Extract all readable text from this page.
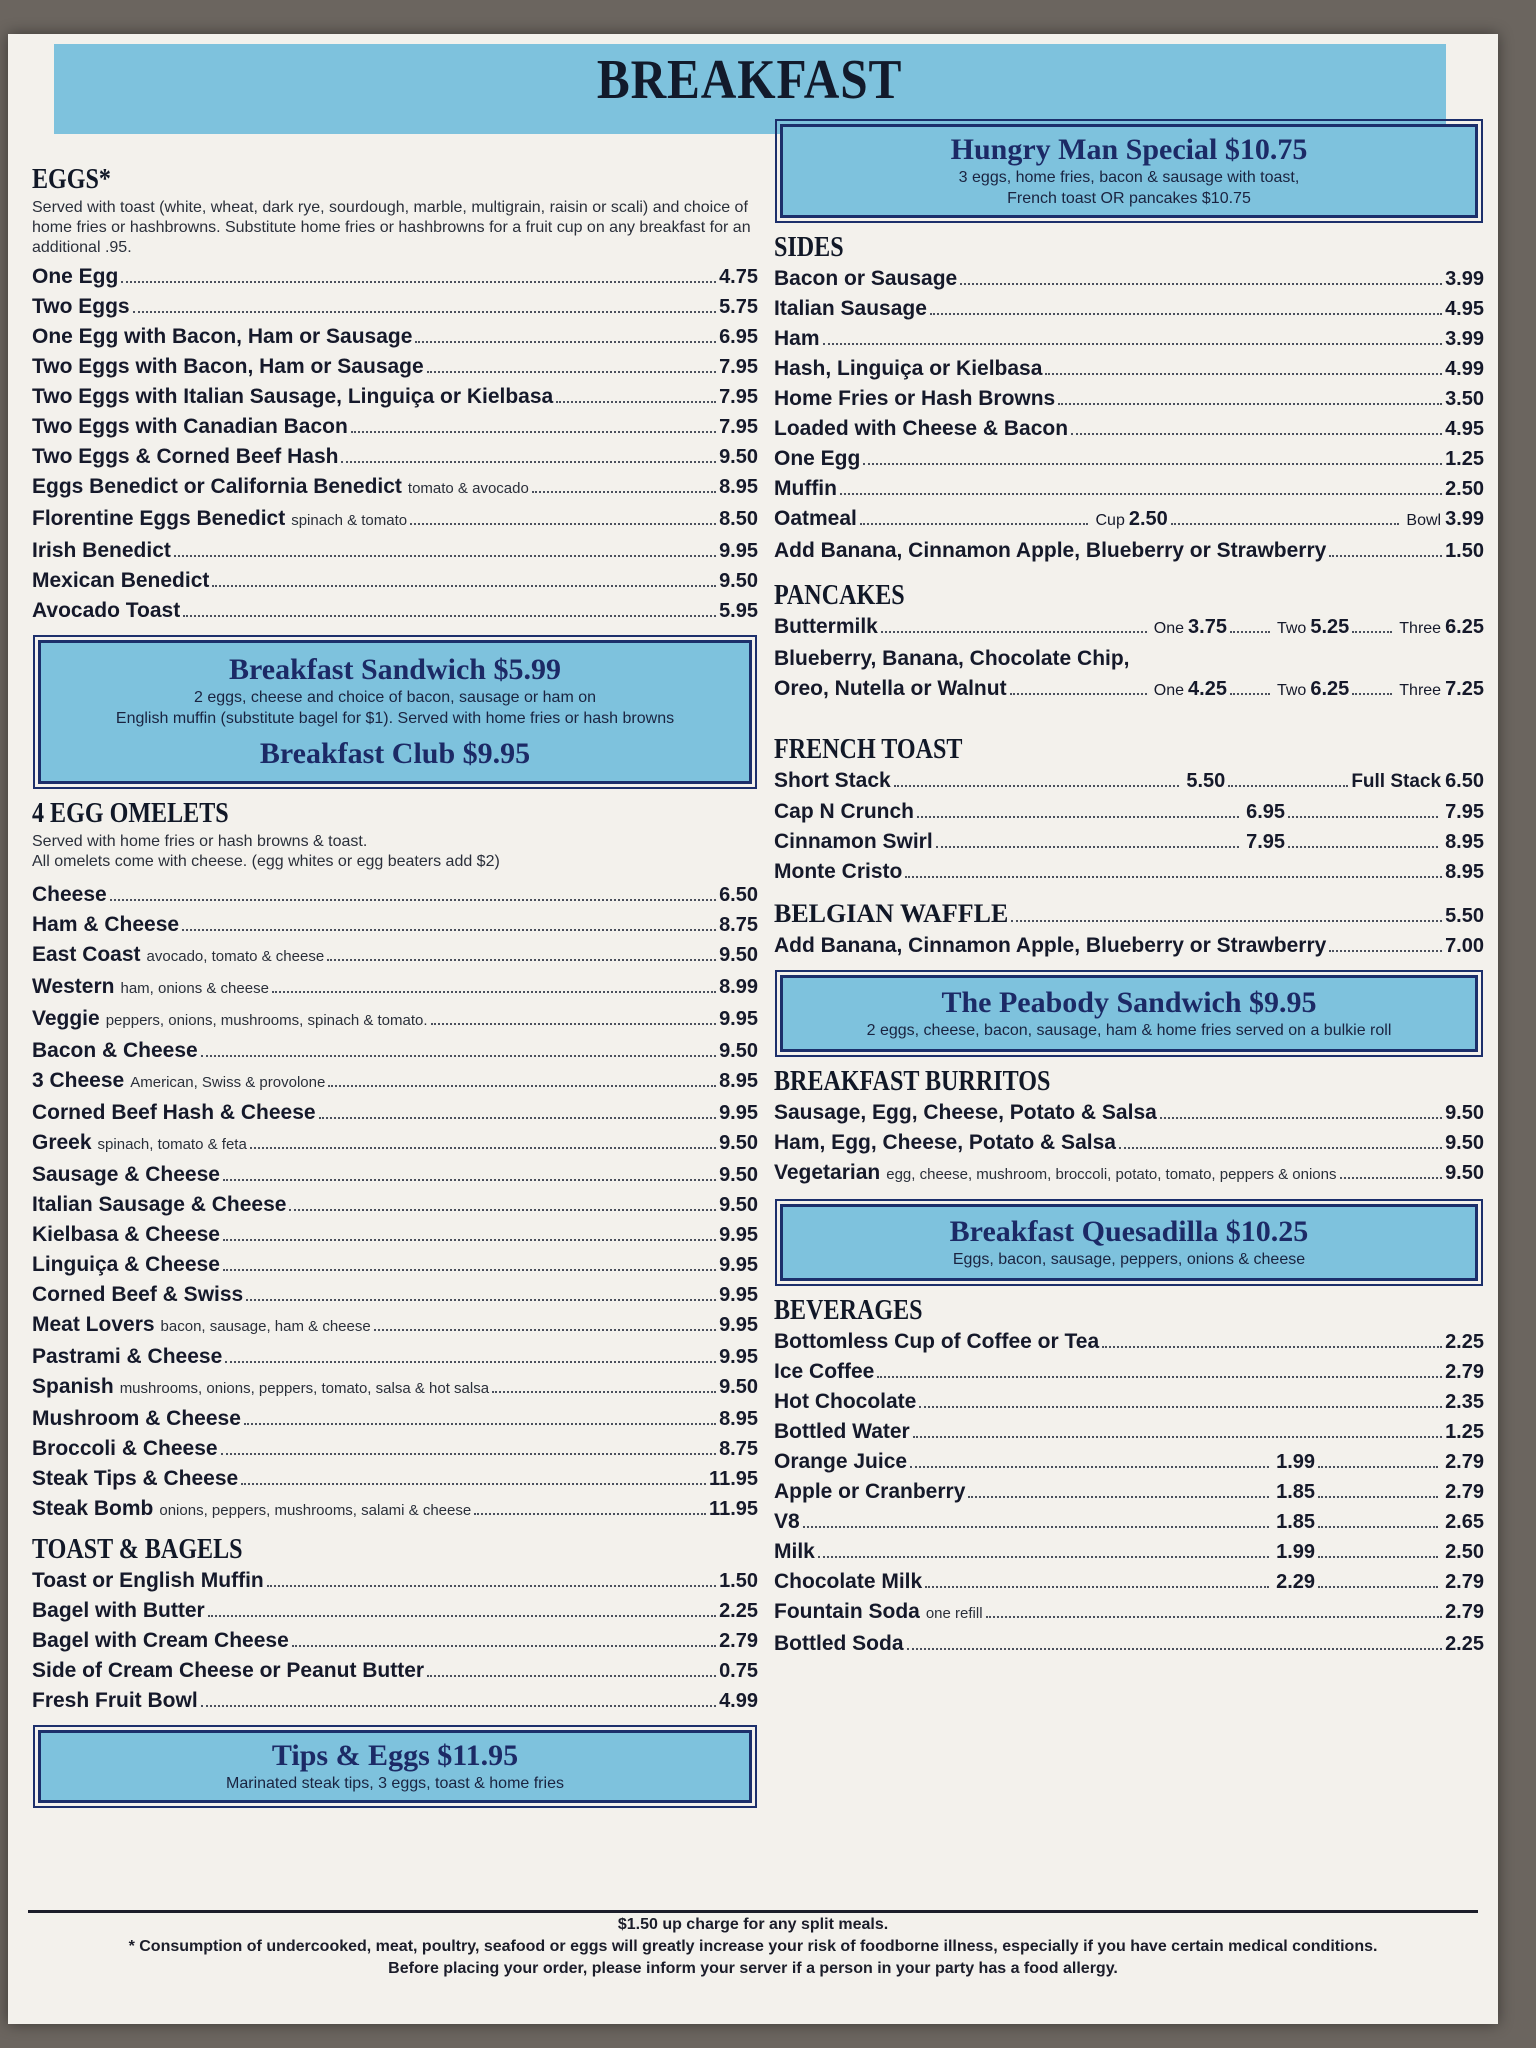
BREAKFAST
EGGS*
Served with toast (white, wheat, dark rye, sourdough, marble, multigrain, raisin or scali) and choice of home fries or hashbrowns. Substitute home fries or hashbrowns for a fruit cup on any breakfast for an additional .95.
One Egg	4.75
Two Eggs	5.75
One Egg with Bacon, Ham or Sausage	6.95
Two Eggs with Bacon, Ham or Sausage	7.95
Two Eggs with Italian Sausage, Linguiça or Kielbasa	7.95
Two Eggs with Canadian Bacon	7.95
Two Eggs & Corned Beef Hash	9.50
Eggs Benedict or California Benedict tomato & avocado	8.95
Florentine Eggs Benedict spinach & tomato	8.50
Irish Benedict	9.95
Mexican Benedict	9.50
Avocado Toast	5.95
Breakfast Sandwich $5.99
2 eggs, cheese and choice of bacon, sausage or ham on
English muffin (substitute bagel for $1). Served with home fries or hash browns
Breakfast Club $9.95
4 EGG OMELETS
Served with home fries or hash browns & toast.
All omelets come with cheese. (egg whites or egg beaters add $2)
Cheese	6.50
Ham & Cheese	8.75
East Coast avocado, tomato & cheese	9.50
Western ham, onions & cheese	8.99
Veggie peppers, onions, mushrooms, spinach & tomato.	9.95
Bacon & Cheese	9.50
3 Cheese American, Swiss & provolone	8.95
Corned Beef Hash & Cheese	9.95
Greek spinach, tomato & feta	9.50
Sausage & Cheese	9.50
Italian Sausage & Cheese	9.50
Kielbasa & Cheese	9.95
Linguiça & Cheese	9.95
Corned Beef & Swiss	9.95
Meat Lovers bacon, sausage, ham & cheese	9.95
Pastrami & Cheese	9.95
Spanish mushrooms, onions, peppers, tomato, salsa & hot salsa	9.50
Mushroom & Cheese	8.95
Broccoli & Cheese	8.75
Steak Tips & Cheese	11.95
Steak Bomb onions, peppers, mushrooms, salami & cheese	11.95
TOAST & BAGELS
Toast or English Muffin	1.50
Bagel with Butter	2.25
Bagel with Cream Cheese	2.79
Side of Cream Cheese or Peanut Butter	0.75
Fresh Fruit Bowl	4.99
Tips & Eggs $11.95
Marinated steak tips, 3 eggs, toast & home fries
Hungry Man Special $10.75
3 eggs, home fries, bacon & sausage with toast,
French toast OR pancakes $10.75
SIDES
Bacon or Sausage	3.99
Italian Sausage	4.95
Ham	3.99
Hash, Linguiça or Kielbasa	4.99
Home Fries or Hash Browns	3.50
Loaded with Cheese & Bacon	4.95
One Egg	1.25
Muffin	2.50
Oatmeal	Cup 2.50	Bowl 3.99
Add Banana, Cinnamon Apple, Blueberry or Strawberry	1.50
PANCAKES
Buttermilk	One 3.75	Two 5.25	Three 6.25
Blueberry, Banana, Chocolate Chip,
Oreo, Nutella or Walnut	One 4.25	Two 6.25	Three 7.25
FRENCH TOAST
Short Stack	5.50	Full Stack 6.50
Cap N Crunch	6.95	7.95
Cinnamon Swirl	7.95	8.95
Monte Cristo	8.95
BELGIAN WAFFLE	5.50
Add Banana, Cinnamon Apple, Blueberry or Strawberry	7.00
The Peabody Sandwich $9.95
2 eggs, cheese, bacon, sausage, ham & home fries served on a bulkie roll
BREAKFAST BURRITOS
Sausage, Egg, Cheese, Potato & Salsa	9.50
Ham, Egg, Cheese, Potato & Salsa	9.50
Vegetarian egg, cheese, mushroom, broccoli, potato, tomato, peppers & onions	9.50
Breakfast Quesadilla $10.25
Eggs, bacon, sausage, peppers, onions & cheese
BEVERAGES
Bottomless Cup of Coffee or Tea	2.25
Ice Coffee	2.79
Hot Chocolate	2.35
Bottled Water	1.25
Orange Juice	1.99	2.79
Apple or Cranberry	1.85	2.79
V8	1.85	2.65
Milk	1.99	2.50
Chocolate Milk	2.29	2.79
Fountain Soda one refill	2.79
Bottled Soda	2.25
$1.50 up charge for any split meals.
* Consumption of undercooked, meat, poultry, seafood or eggs will greatly increase your risk of foodborne illness, especially if you have certain medical conditions.
Before placing your order, please inform your server if a person in your party has a food allergy.
